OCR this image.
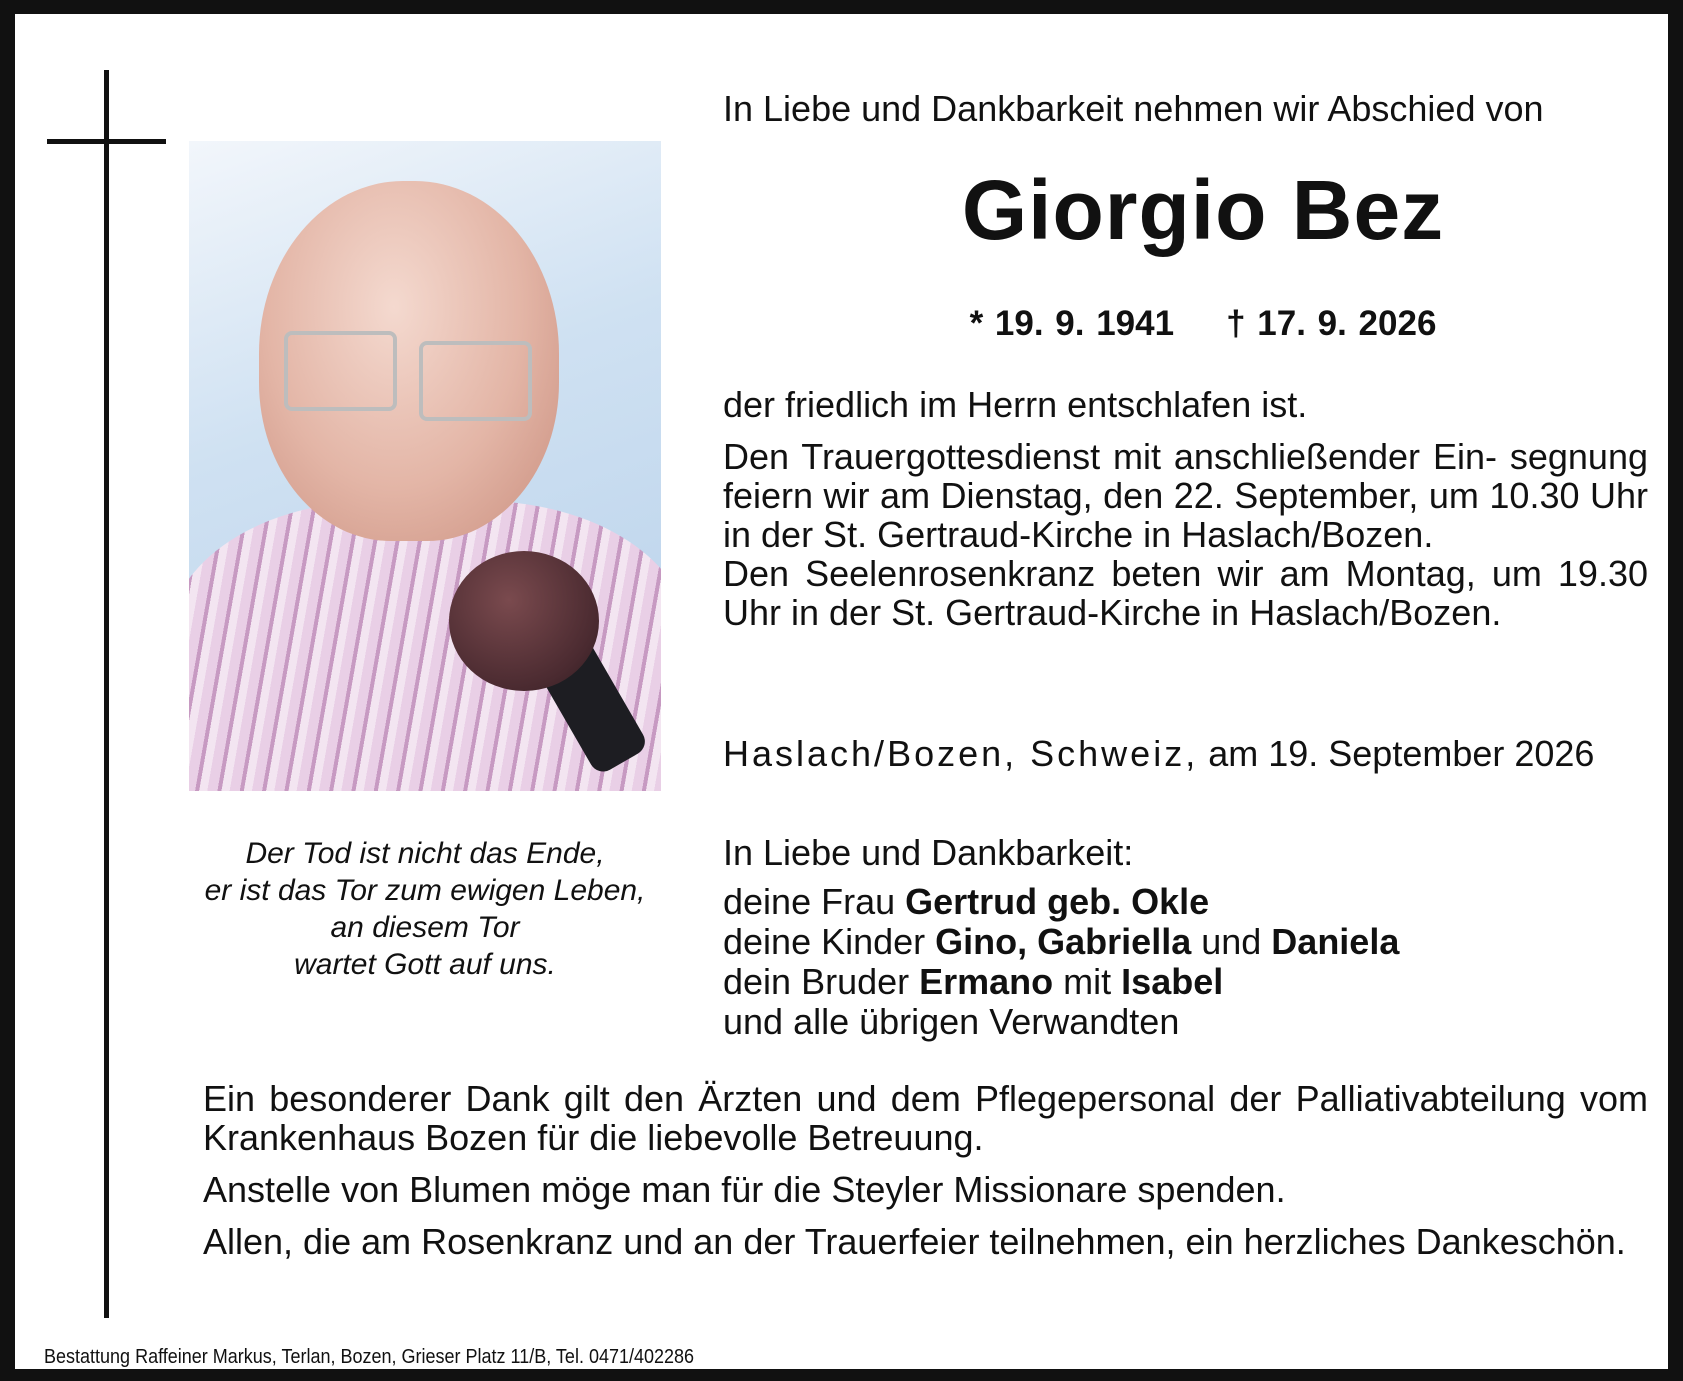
In Liebe und Dankbarkeit nehmen wir Abschied von

Giorgio Bez

* 19. 9. 1941 † 17. 9. 2026

der friedlich im Herrn entschlafen ist.

Den Trauergottesdienst mit anschließender Ein- segnung feiern wir am Dienstag, den 22. September, um 10.30 Uhr in der St. Gertraud-Kirche in Haslach/Bozen.

Den Seelenrosenkranz beten wir am Montag, um 19.30 Uhr in der St. Gertraud-Kirche in Haslach/Bozen.

Haslach/Bozen, Schweiz, am 19. September 2026

In Liebe und Dankbarkeit:

deine Frau Gertrud geb. Okle
deine Kinder Gino, Gabriella und Daniela
dein Bruder Ermano mit Isabel
und alle übrigen Verwandten
Der Tod ist nicht das Ende,
er ist das Tor zum ewigen Leben,
an diesem Tor
wartet Gott auf uns.

Ein besonderer Dank gilt den Ärzten und dem Pflegepersonal der Palliativabteilung vom Krankenhaus Bozen für die liebevolle Betreuung.

Anstelle von Blumen möge man für die Steyler Missionare spenden.

Allen, die am Rosenkranz und an der Trauerfeier teilnehmen, ein herzliches Dankeschön.

Bestattung Raffeiner Markus, Terlan, Bozen, Grieser Platz 11/B, Tel. 0471/402286
